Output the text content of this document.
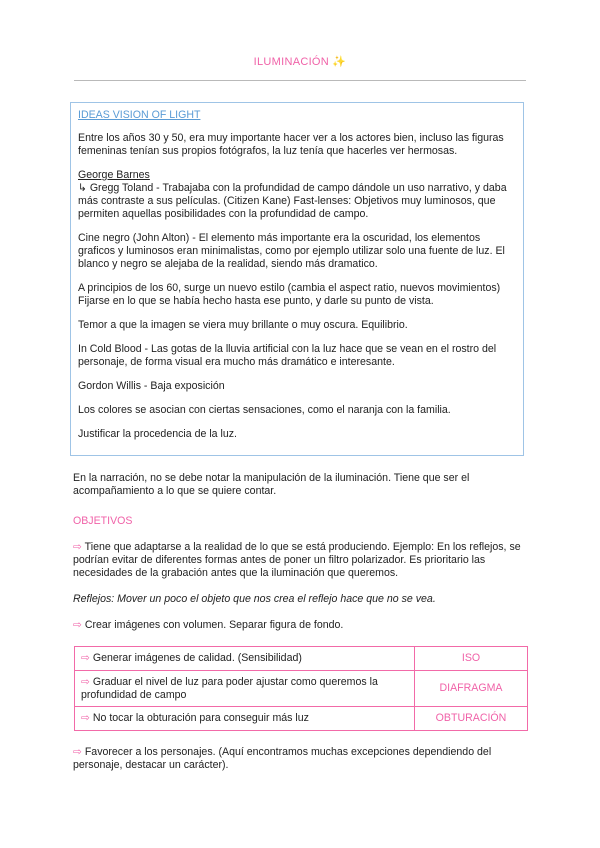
ILUMINACIÓN ✨

IDEAS VISION OF LIGHT

Entre los años 30 y 50, era muy importante hacer ver a los actores bien, incluso las figuras femeninas tenían sus propios fotógrafos, la luz tenía que hacerles ver hermosas.

George Barnes
↳ Gregg Toland - Trabajaba con la profundidad de campo dándole un uso narrativo, y daba más contraste a sus películas. (Citizen Kane) Fast-lenses: Objetivos muy luminosos, que permiten aquellas posibilidades con la profundidad de campo.

Cine negro (John Alton) - El elemento más importante era la oscuridad, los elementos graficos y luminosos eran minimalistas, como por ejemplo utilizar solo una fuente de luz. El blanco y negro se alejaba de la realidad, siendo más dramatico.

A principios de los 60, surge un nuevo estilo (cambia el aspect ratio, nuevos movimientos) Fijarse en lo que se había hecho hasta ese punto, y darle su punto de vista.

Temor a que la imagen se viera muy brillante o muy oscura. Equilibrio.

In Cold Blood - Las gotas de la lluvia artificial con la luz hace que se vean en el rostro del personaje, de forma visual era mucho más dramático e interesante.

Gordon Willis - Baja exposición

Los colores se asocian con ciertas sensaciones, como el naranja con la familia.

Justificar la procedencia de la luz.

En la narración, no se debe notar la manipulación de la iluminación. Tiene que ser el acompañamiento a lo que se quiere contar.
OBJETIVOS
⇨ Tiene que adaptarse a la realidad de lo que se está produciendo. Ejemplo: En los reflejos, se podrían evitar de diferentes formas antes de poner un filtro polarizador. Es prioritario las necesidades de la grabación antes que la iluminación que queremos.
Reflejos: Mover un poco el objeto que nos crea el reflejo hace que no se vea.
⇨ Crear imágenes con volumen. Separar figura de fondo.
⇨ Generar imágenes de calidad. (Sensibilidad)	ISO
⇨ Graduar el nivel de luz para poder ajustar como queremos la profundidad de campo	DIAFRAGMA
⇨ No tocar la obturación para conseguir más luz	OBTURACIÓN
⇨ Favorecer a los personajes. (Aquí encontramos muchas excepciones dependiendo del personaje, destacar un carácter).
